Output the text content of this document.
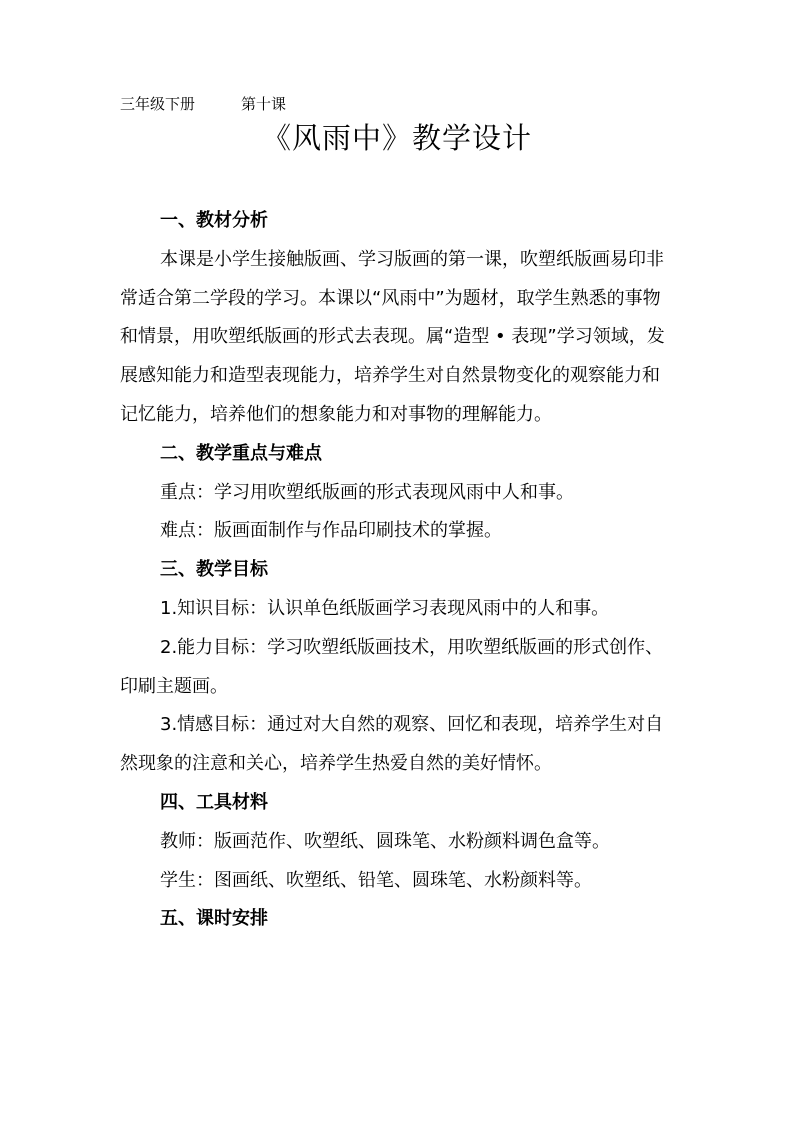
三年级下册	第十课
《风雨中》教学设计

一、教材分析

本课是小学生接触版画、学习版画的第一课，吹塑纸版画易印非常适合第二学段的学习。本课以“风雨中”为题材，取学生熟悉的事物和情景，用吹塑纸版画的形式去表现。属“造型 • 表现”学习领域，发展感知能力和造型表现能力，培养学生对自然景物变化的观察能力和记忆能力，培养他们的想象能力和对事物的理解能力。

二、教学重点与难点

重点：学习用吹塑纸版画的形式表现风雨中人和事。

难点：版画面制作与作品印刷技术的掌握。

三、教学目标

1.知识目标：认识单色纸版画学习表现风雨中的人和事。

2.能力目标：学习吹塑纸版画技术，用吹塑纸版画的形式创作、印刷主题画。

3.情感目标：通过对大自然的观察、回忆和表现，培养学生对自然现象的注意和关心，培养学生热爱自然的美好情怀。

四、工具材料

教师：版画范作、吹塑纸、圆珠笔、水粉颜料调色盒等。

学生：图画纸、吹塑纸、铅笔、圆珠笔、水粉颜料等。

五、课时安排
